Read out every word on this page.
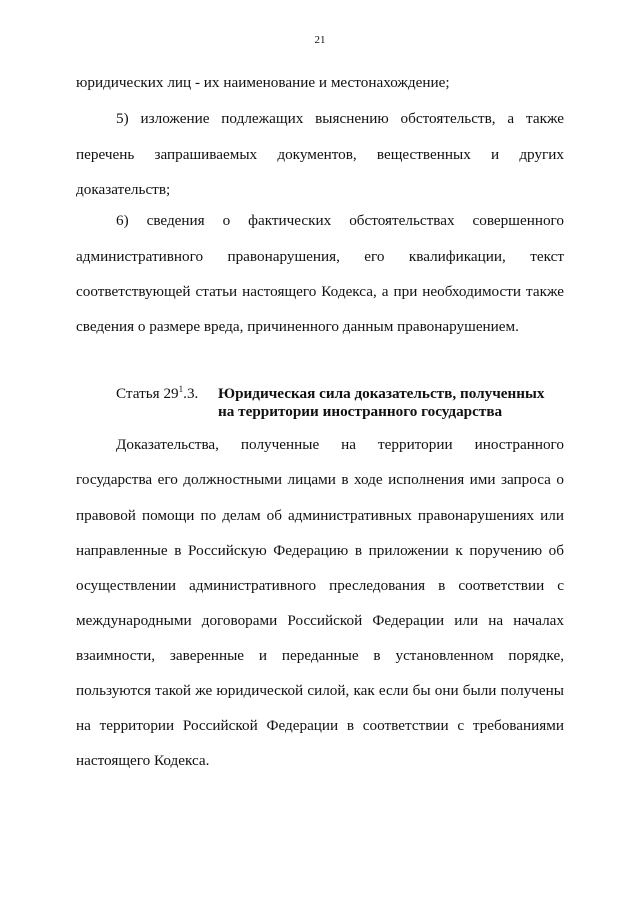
21
юридических лиц - их наименование и местонахождение;
5) изложение подлежащих выяснению обстоятельств, а также
перечень запрашиваемых документов, вещественных и других
доказательств;
6) сведения о фактических обстоятельствах совершенного
административного правонарушения, его квалификации, текст
соответствующей статьи настоящего Кодекса, а при необходимости также
сведения о размере вреда, причиненного данным правонарушением.
Статья $29^1.3$. Юридическая сила доказательств, полученных
на территории иностранного государства
Доказательства, полученные на территории иностранного
государства его должностными лицами в ходе исполнения ими запроса о
правовой помощи по делам об административных правонарушениях или
направленные в Российскую Федерацию в приложении к поручению об
осуществлении административного преследования в соответствии с
международными договорами Российской Федерации или на началах
взаимности, заверенные и переданные в установленном порядке,
пользуются такой же юридической силой, как если бы они были получены
на территории Российской Федерации в соответствии с требованиями
настоящего Кодекса.
